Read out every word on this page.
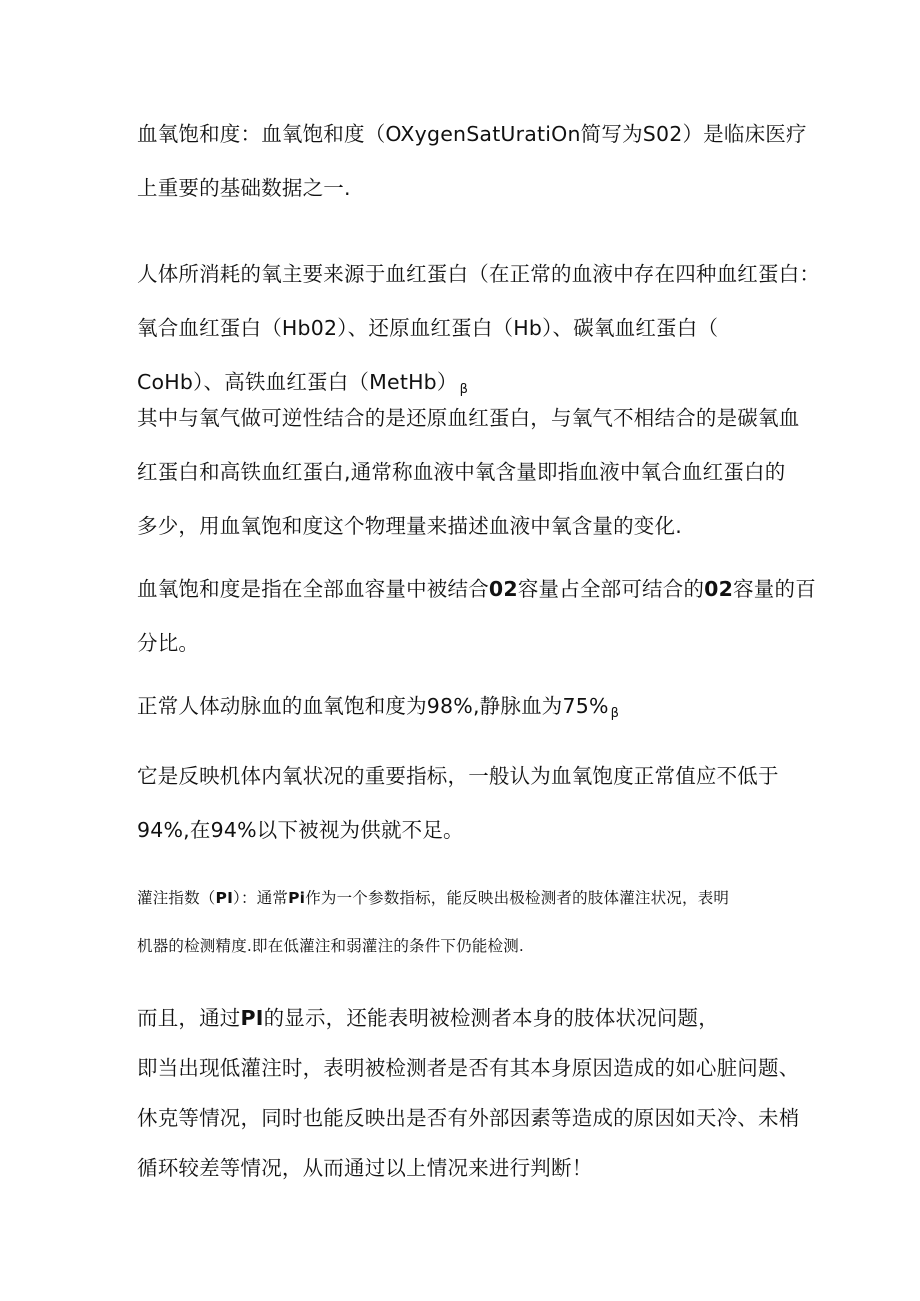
血氧饱和度：血氧饱和度（OXygenSatUratiOn简写为S02）是临床医疗
上重要的基础数据之一.

人体所消耗的氧主要来源于血红蛋白（在正常的血液中存在四种血红蛋白：
氧合血红蛋白（Hb02）、还原血红蛋白（Hb）、碳氧血红蛋白（
CoHb）、高铁血红蛋白（MetHb） β

其中与氧气做可逆性结合的是还原血红蛋白，与氧气不相结合的是碳氧血
红蛋白和高铁血红蛋白,通常称血液中氧含量即指血液中氧合血红蛋白的
多少，用血氧饱和度这个物理量来描述血液中氧含量的变化.

血氧饱和度是指在全部血容量中被结合02容量占全部可结合的02容量的百
分比。

正常人体动脉血的血氧饱和度为98%,静脉血为75% β

它是反映机体内氧状况的重要指标，一般认为血氧饱度正常值应不低于
94%,在94%以下被视为供就不足。

灌注指数（PI）：通常Pi作为一个参数指标，能反映出极检测者的肢体灌注状况，表明
机器的检测精度.即在低灌注和弱灌注的条件下仍能检测.

而且，通过PI的显示，还能表明被检测者本身的肢体状况问题，
即当出现低灌注时，表明被检测者是否有其本身原因造成的如心脏问题、
休克等情况，同时也能反映出是否有外部因素等造成的原因如天冷、未梢
循环较差等情况，从而通过以上情况来进行判断！
